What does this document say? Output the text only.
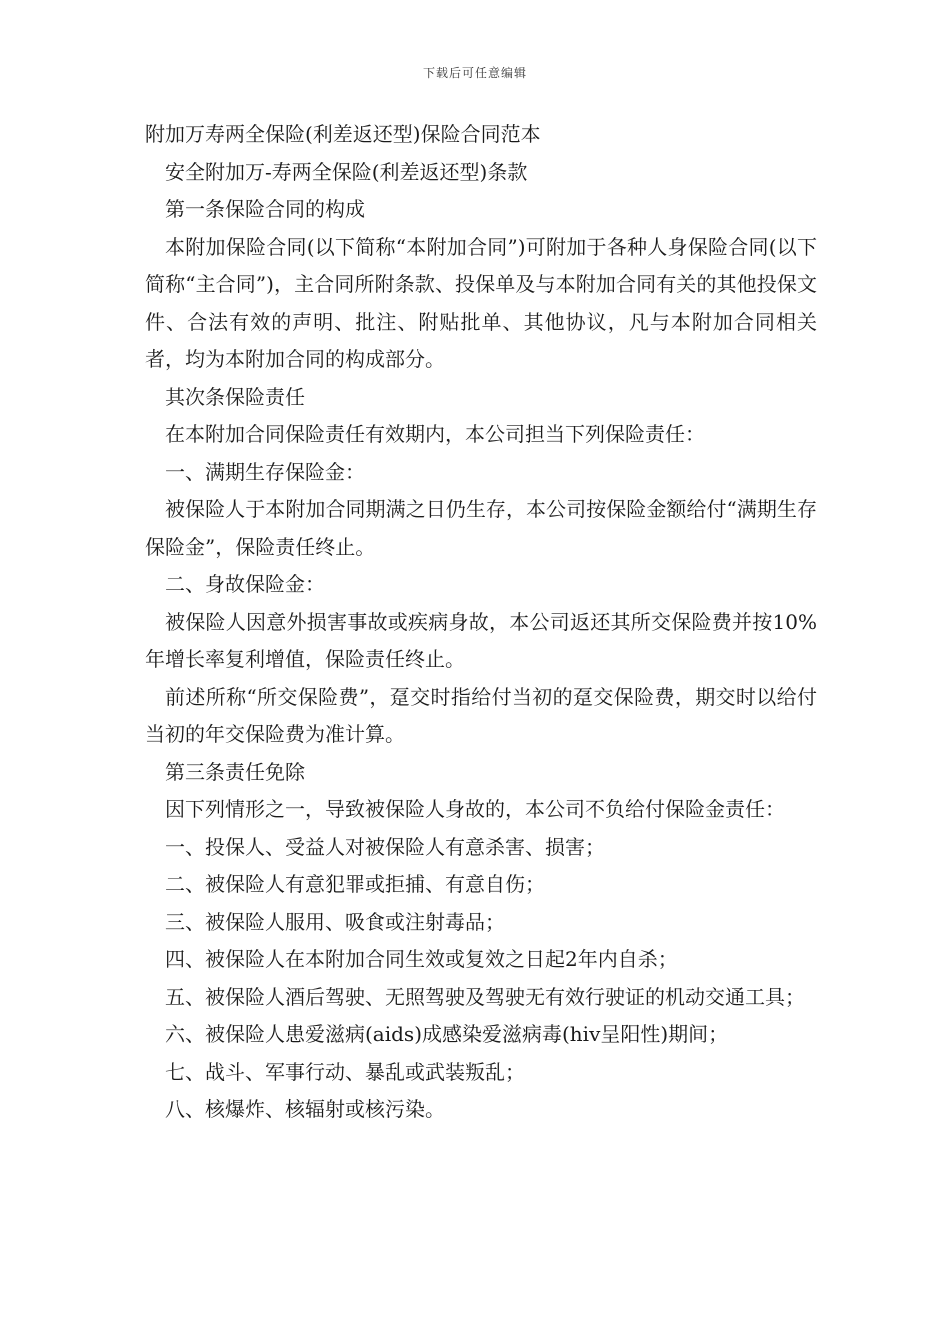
下载后可任意编辑

附加万寿两全保险(利差返还型)保险合同范本

安全附加万-寿两全保险(利差返还型)条款

第一条保险合同的构成

本附加保险合同(以下简称“本附加合同”)可附加于各种人身保险合同(以下简称“主合同”)，主合同所附条款、投保单及与本附加合同有关的其他投保文件、合法有效的声明、批注、附贴批单、其他协议，凡与本附加合同相关者，均为本附加合同的构成部分。

其次条保险责任

在本附加合同保险责任有效期内，本公司担当下列保险责任：

一、满期生存保险金：

被保险人于本附加合同期满之日仍生存，本公司按保险金额给付“满期生存保险金”，保险责任终止。

二、身故保险金：

被保险人因意外损害事故或疾病身故，本公司返还其所交保险费并按10%年增长率复利增值，保险责任终止。

前述所称“所交保险费”，趸交时指给付当初的趸交保险费，期交时以给付当初的年交保险费为准计算。

第三条责任免除

因下列情形之一，导致被保险人身故的，本公司不负给付保险金责任：

一、投保人、受益人对被保险人有意杀害、损害；

二、被保险人有意犯罪或拒捕、有意自伤；

三、被保险人服用、吸食或注射毒品；

四、被保险人在本附加合同生效或复效之日起2年内自杀；

五、被保险人酒后驾驶、无照驾驶及驾驶无有效行驶证的机动交通工具；

六、被保险人患爱滋病(aids)成感染爱滋病毒(hiv呈阳性)期间；

七、战斗、军事行动、暴乱或武装叛乱；

八、核爆炸、核辐射或核污染。
